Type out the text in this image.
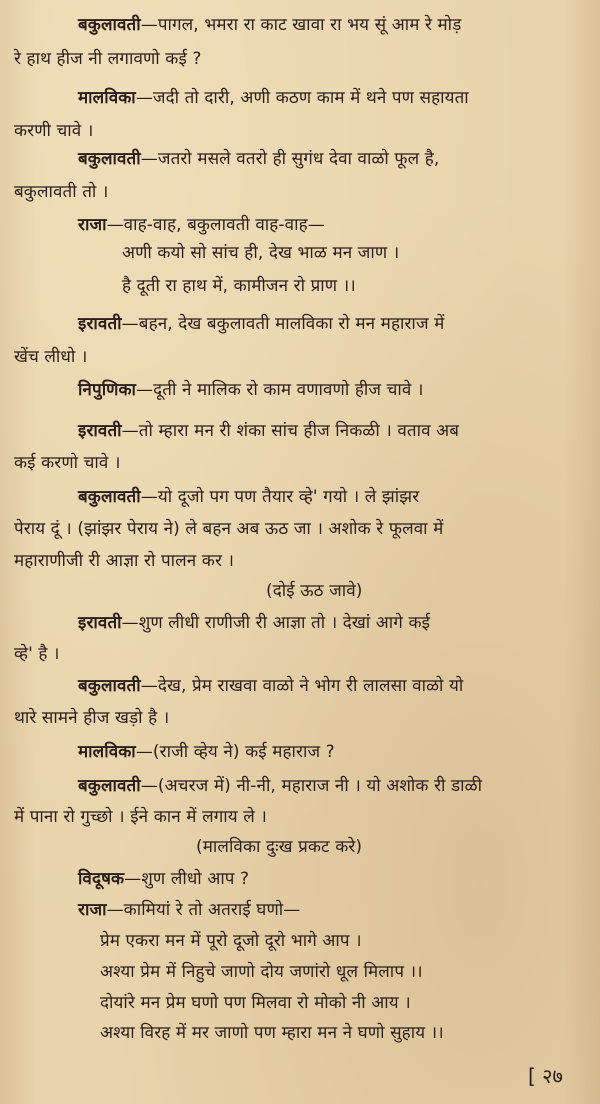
बकुलावती—पागल, भमरा रा काट खावा रा भय सूं आम रे मोड़
रे हाथ हीज नी लगावणो कई ?
मालविका—जदी तो दारी, अणी कठण काम में थने पण सहायता
करणी चावे ।
बकुलावती—जतरो मसले वतरो ही सुगंध देवा वाळो फूल है,
बकुलावती तो ।
राजा—वाह-वाह, बकुलावती वाह-वाह—
अणी कयो सो सांच ही, देख भाळ मन जाण ।
है दूती रा हाथ में, कामीजन रो प्राण ।।
इरावती—बहन, देख बकुलावती मालविका रो मन महाराज में
खेंच लीधो ।
निपुणिका—दूती ने मालिक रो काम वणावणो हीज चावे ।
इरावती—तो म्हारा मन री शंका सांच हीज निकळी । वताव अब
कई करणो चावे ।
बकुलावती—यो दूजो पग पण तैयार व्हे' गयो । ले झांझर
पेराय दूं । (झांझर पेराय ने) ले बहन अब ऊठ जा । अशोक रे फूलवा में
महाराणीजी री आज्ञा रो पालन कर ।
(दोई ऊठ जावे)
इरावती—शुण लीधी राणीजी री आज्ञा तो । देखां आगे कई
व्हे' है ।
बकुलावती—देख, प्रेम राखवा वाळो ने भोग री लालसा वाळो यो
थारे सामने हीज खड़ो है ।
मालविका—(राजी व्हेय ने) कई महाराज ?
बकुलावती—(अचरज में) नी-नी, महाराज नी । यो अशोक री डाळी
में पाना रो गुच्छो । ईने कान में लगाय ले ।
(मालविका दुःख प्रकट करे)
विदूषक—शुण लीधो आप ?
राजा—कामियां रे तो अतराई घणो—
प्रेम एकरा मन में पूरो दूजो दूरो भागे आप ।
अश्या प्रेम में निहुचे जाणो दोय जणांरो धूल मिलाप ।।
दोयांरे मन प्रेम घणो पण मिलवा रो मोको नी आय ।
अश्या विरह में मर जाणो पण म्हारा मन ने घणो सुहाय ।।
[ २७
